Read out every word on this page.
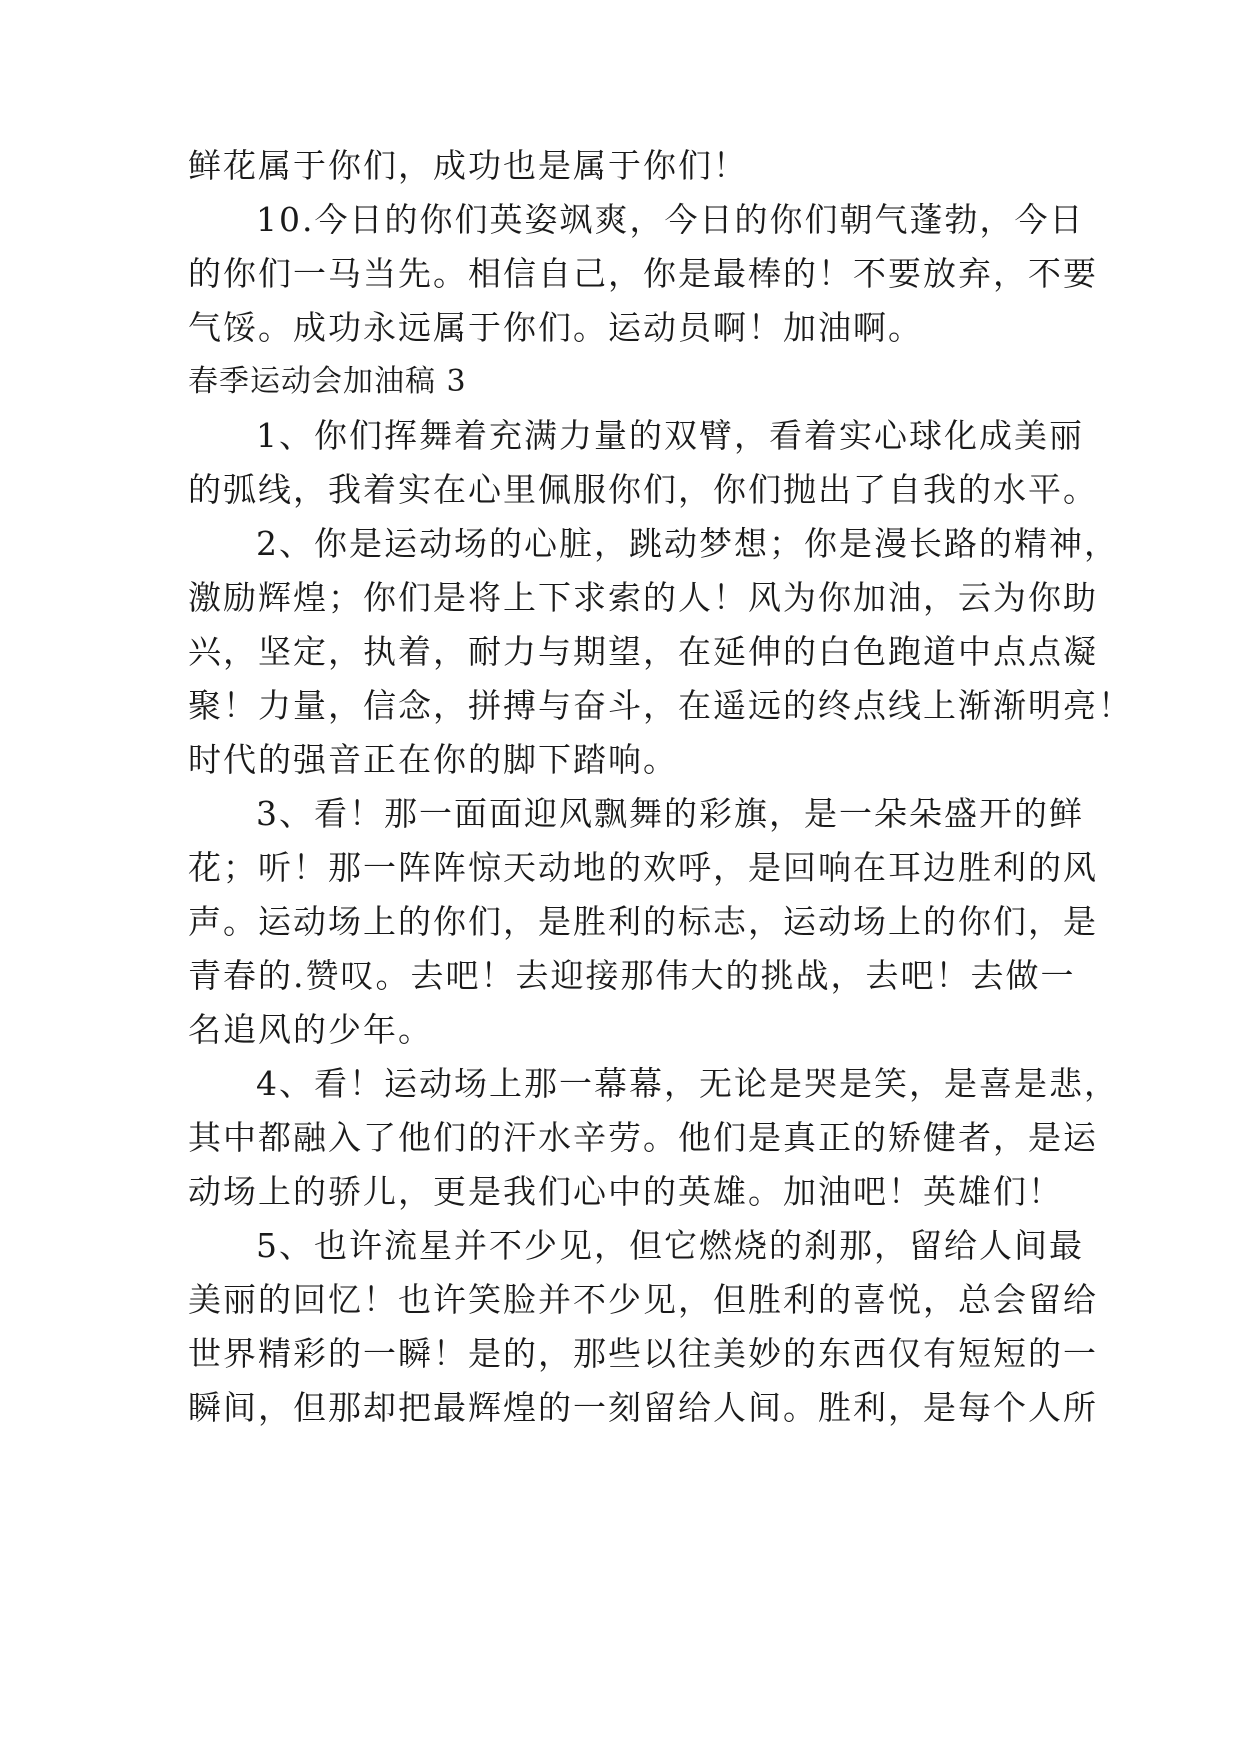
鲜花属于你们，成功也是属于你们！
10.今日的你们英姿飒爽，今日的你们朝气蓬勃，今日
的你们一马当先。相信自己，你是最棒的！不要放弃，不要
气馁。成功永远属于你们。运动员啊！加油啊。
春季运动会加油稿 3
1、你们挥舞着充满力量的双臂，看着实心球化成美丽
的弧线，我着实在心里佩服你们，你们抛出了自我的水平。
2、你是运动场的心脏，跳动梦想；你是漫长路的精神，
激励辉煌；你们是将上下求索的人！风为你加油，云为你助
兴，坚定，执着，耐力与期望，在延伸的白色跑道中点点凝
聚！力量，信念，拼搏与奋斗，在遥远的终点线上渐渐明亮！
时代的强音正在你的脚下踏响。
3、看！那一面面迎风飘舞的彩旗，是一朵朵盛开的鲜
花；听！那一阵阵惊天动地的欢呼，是回响在耳边胜利的风
声。运动场上的你们，是胜利的标志，运动场上的你们，是
青春的.赞叹。去吧！去迎接那伟大的挑战，去吧！去做一
名追风的少年。
4、看！运动场上那一幕幕，无论是哭是笑，是喜是悲，
其中都融入了他们的汗水辛劳。他们是真正的矫健者，是运
动场上的骄儿，更是我们心中的英雄。加油吧！英雄们！
5、也许流星并不少见，但它燃烧的刹那，留给人间最
美丽的回忆！也许笑脸并不少见，但胜利的喜悦，总会留给
世界精彩的一瞬！是的，那些以往美妙的东西仅有短短的一
瞬间，但那却把最辉煌的一刻留给人间。胜利，是每个人所
